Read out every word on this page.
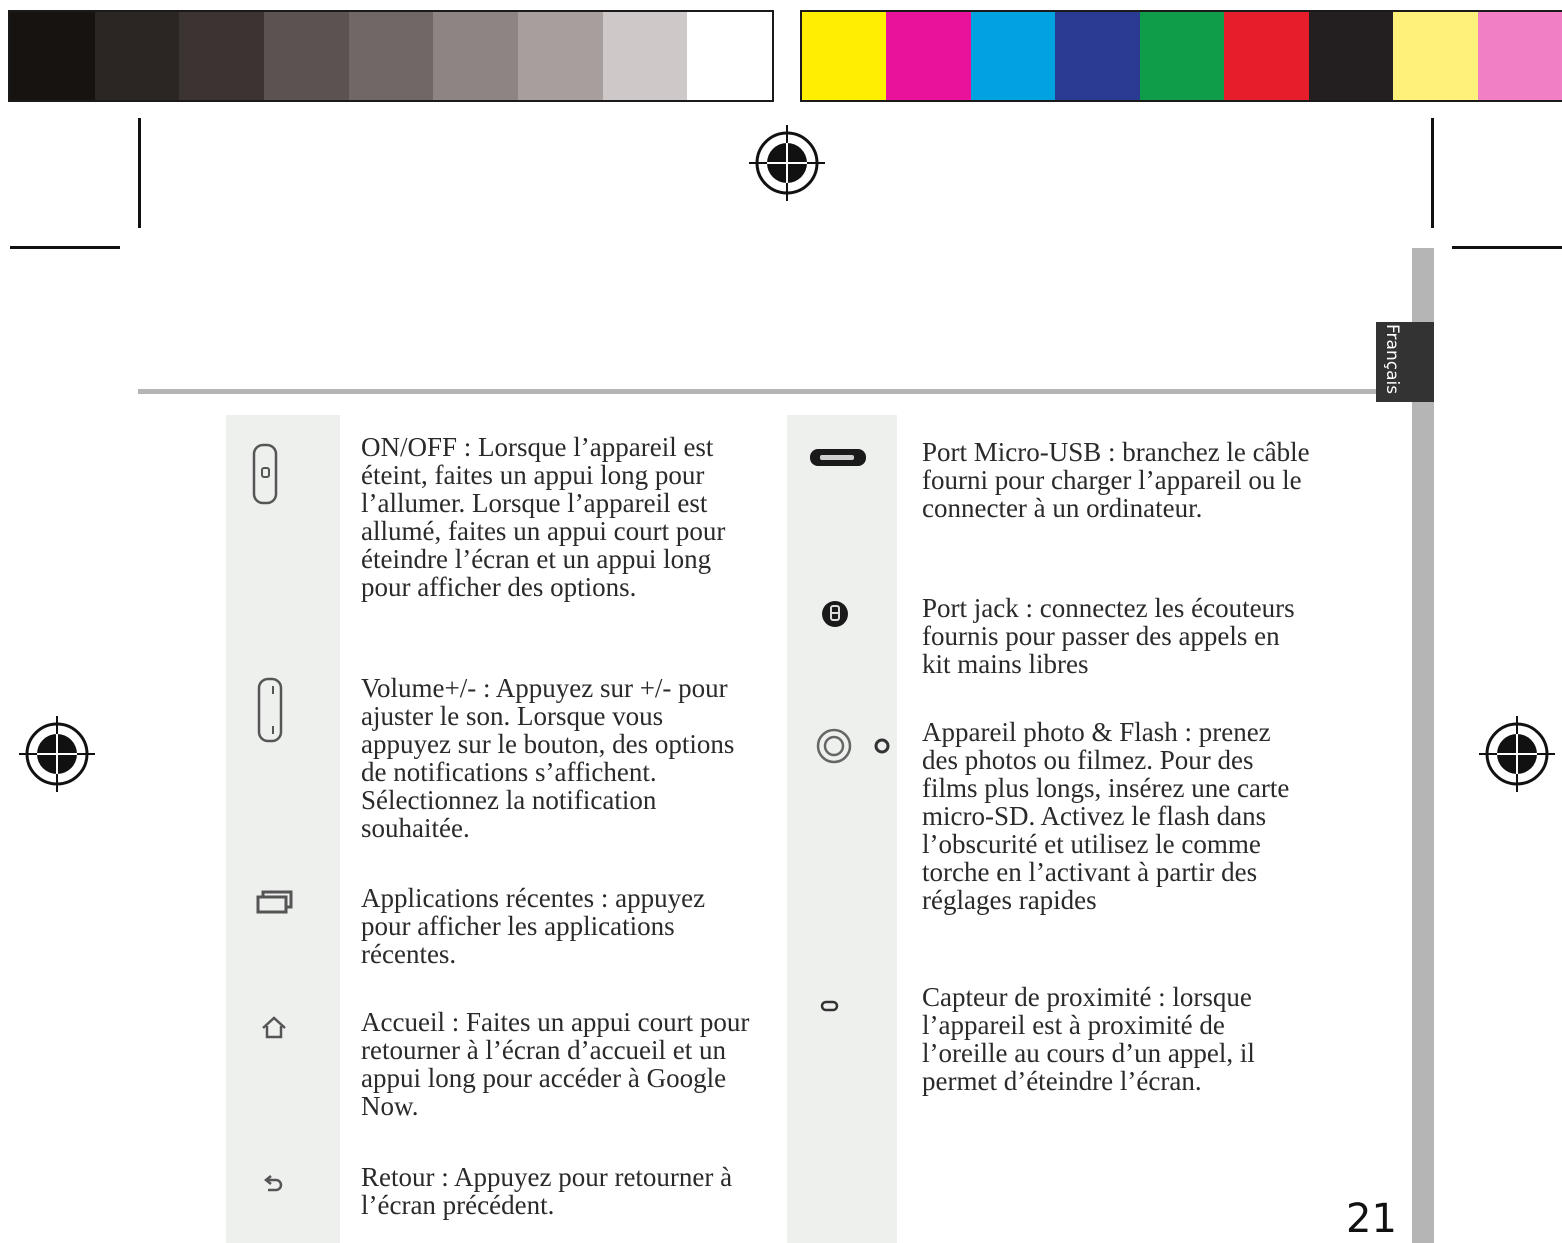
Français

ON/OFF : Lorsque l’appareil est éteint, faites un appui long pour l’allumer. Lorsque l’appareil est allumé, faites un appui court pour éteindre l’écran et un appui long pour afficher des options.

Volume+/- : Appuyez sur +/- pour ajuster le son. Lorsque vous appuyez sur le bouton, des options de notifications s’affichent. Sélectionnez la notification souhaitée.

Applications récentes : appuyez pour afficher les applications récentes.

Accueil : Faites un appui court pour retourner à l’écran d’accueil et un appui long pour accéder à Google Now.

Retour : Appuyez pour retourner à l’écran précédent.

Port Micro-USB : branchez le câble fourni pour charger l’appareil ou le connecter à un ordinateur.

Port jack : connectez les écouteurs fournis pour passer des appels en kit mains libres

Appareil photo & Flash : prenez des photos ou filmez. Pour des films plus longs, insérez une carte micro-SD. Activez le flash dans l’obscurité et utilisez le comme torche en l’activant à partir des réglages rapides

Capteur de proximité : lorsque l’appareil est à proximité de l’oreille au cours d’un appel, il permet d’éteindre l’écran.

21
